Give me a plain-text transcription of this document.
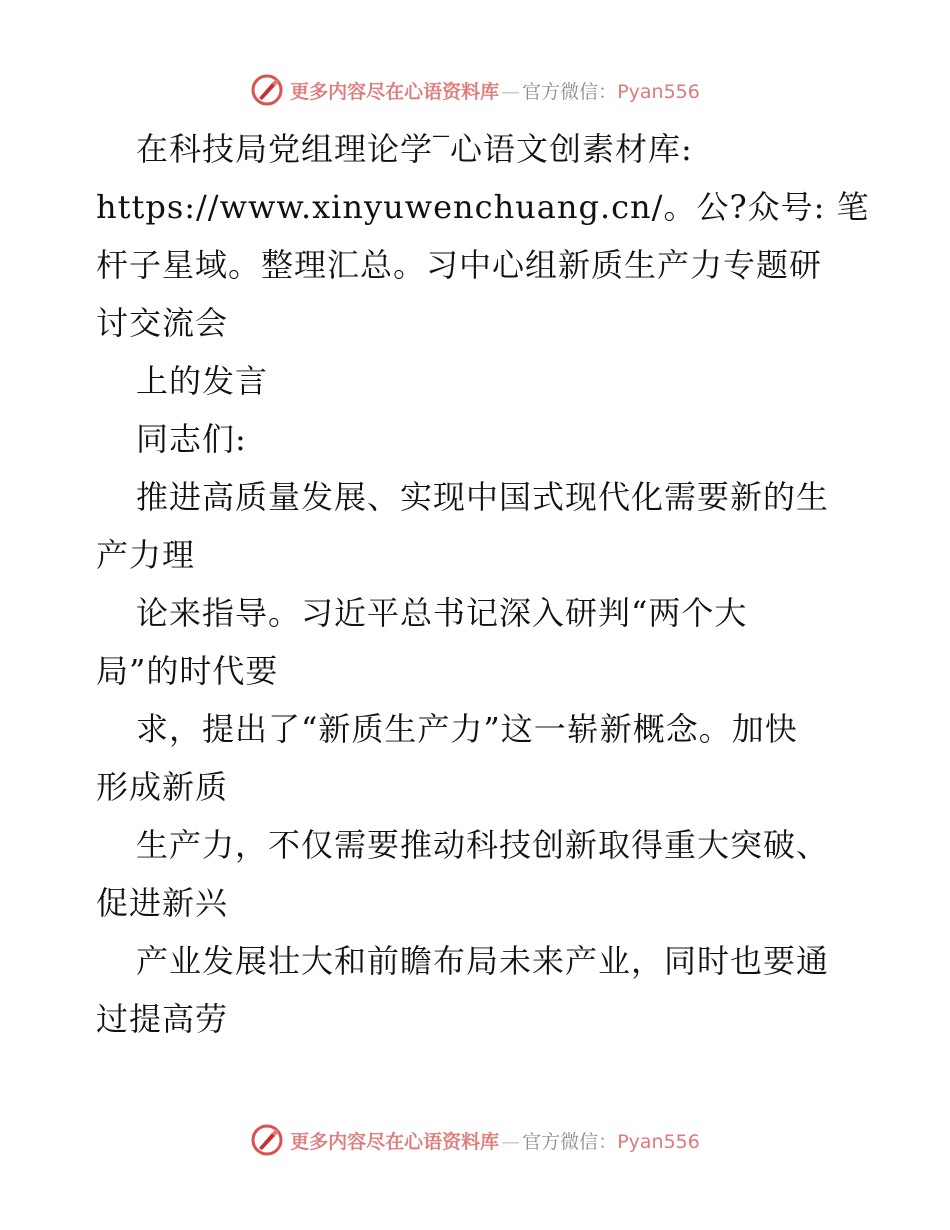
更多内容尽在心语资料库 — 官方微信：Pyan556
在科技局党组理论学‾心语文创素材库:
https://www.xinyuwenchuang.cn/。公?众号: 笔
杆子星域。整理汇总。习中心组新质生产力专题研
讨交流会
上的发言
同志们:
推进高质量发展、实现中国式现代化需要新的生
产力理
论来指导。习近平总书记深入研判“两个大
局”的时代要
求，提出了“新质生产力”这一崭新概念。加快
形成新质
生产力，不仅需要推动科技创新取得重大突破、
促进新兴
产业发展壮大和前瞻布局未来产业，同时也要通
过提高劳
更多内容尽在心语资料库 — 官方微信：Pyan556
